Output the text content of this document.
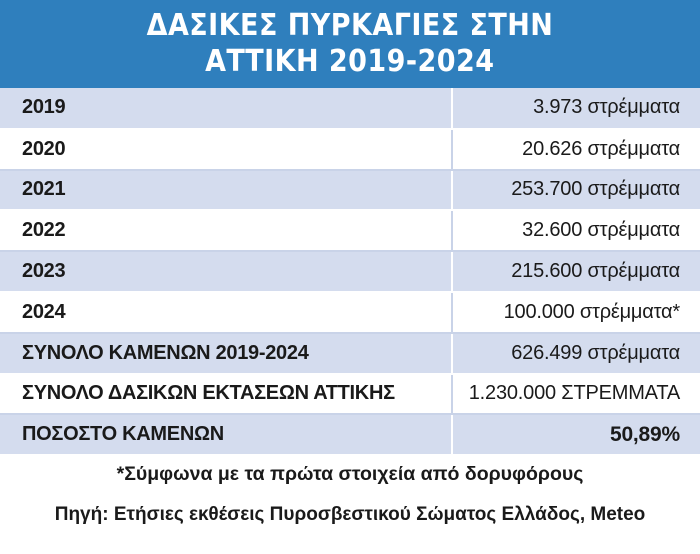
ΔΑΣΙΚΕΣ ΠΥΡΚΑΓΙΕΣ ΣΤΗΝ
ΑΤΤΙΚΗ 2019-2024
2019	3.973 στρέμματα
2020	20.626 στρέμματα
2021	253.700 στρέμματα
2022	32.600 στρέμματα
2023	215.600 στρέμματα
2024	100.000 στρέμματα*
ΣΥΝΟΛΟ ΚΑΜΕΝΩΝ 2019-2024	626.499 στρέμματα
ΣΥΝΟΛΟ ΔΑΣΙΚΩΝ ΕΚΤΑΣΕΩΝ ΑΤΤΙΚΗΣ	1.230.000 ΣΤΡΕΜΜΑΤΑ
ΠΟΣΟΣΤΟ ΚΑΜΕΝΩΝ	50,89%
*Σύμφωνα με τα πρώτα στοιχεία από δορυφόρους
Πηγή: Ετήσιες εκθέσεις Πυροσβεστικού Σώματος Ελλάδος, Meteo
